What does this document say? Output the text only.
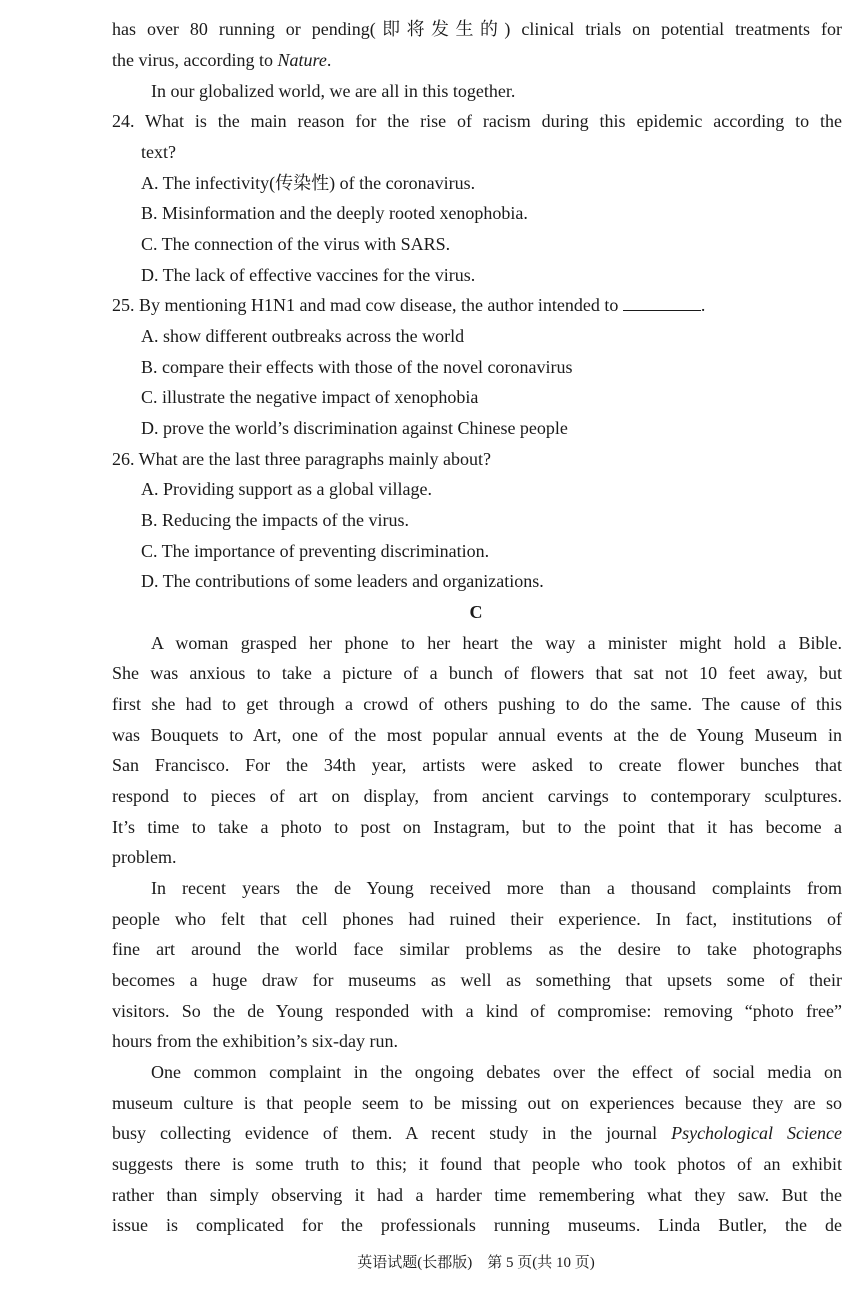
has over 80 running or pending(即将发生的) clinical trials on potential treatments for
the virus, according to Nature.
In our globalized world, we are all in this together.
24. What is the main reason for the rise of racism during this epidemic according to the
text?
A. The infectivity(传染性) of the coronavirus.
B. Misinformation and the deeply rooted xenophobia.
C. The connection of the virus with SARS.
D. The lack of effective vaccines for the virus.
25. By mentioning H1N1 and mad cow disease, the author intended to	.
A. show different outbreaks across the world
B. compare their effects with those of the novel coronavirus
C. illustrate the negative impact of xenophobia
D. prove the world’s discrimination against Chinese people
26. What are the last three paragraphs mainly about?
A. Providing support as a global village.
B. Reducing the impacts of the virus.
C. The importance of preventing discrimination.
D. The contributions of some leaders and organizations.
C
A woman grasped her phone to her heart the way a minister might hold a Bible.
She was anxious to take a picture of a bunch of flowers that sat not 10 feet away, but
first she had to get through a crowd of others pushing to do the same. The cause of this
was Bouquets to Art, one of the most popular annual events at the de Young Museum in
San Francisco. For the 34th year, artists were asked to create flower bunches that
respond to pieces of art on display, from ancient carvings to contemporary sculptures.
It’s time to take a photo to post on Instagram, but to the point that it has become a
problem.
In recent years the de Young received more than a thousand complaints from
people who felt that cell phones had ruined their experience. In fact, institutions of
fine art around the world face similar problems as the desire to take photographs
becomes a huge draw for museums as well as something that upsets some of their
visitors. So the de Young responded with a kind of compromise: removing “photo free”
hours from the exhibition’s six-day run.
One common complaint in the ongoing debates over the effect of social media on
museum culture is that people seem to be missing out on experiences because they are so
busy collecting evidence of them. A recent study in the journal Psychological Science
suggests there is some truth to this; it found that people who took photos of an exhibit
rather than simply observing it had a harder time remembering what they saw. But the
issue is complicated for the professionals running museums. Linda Butler, the de
英语试题(长郡版)　第 5 页(共 10 页)
